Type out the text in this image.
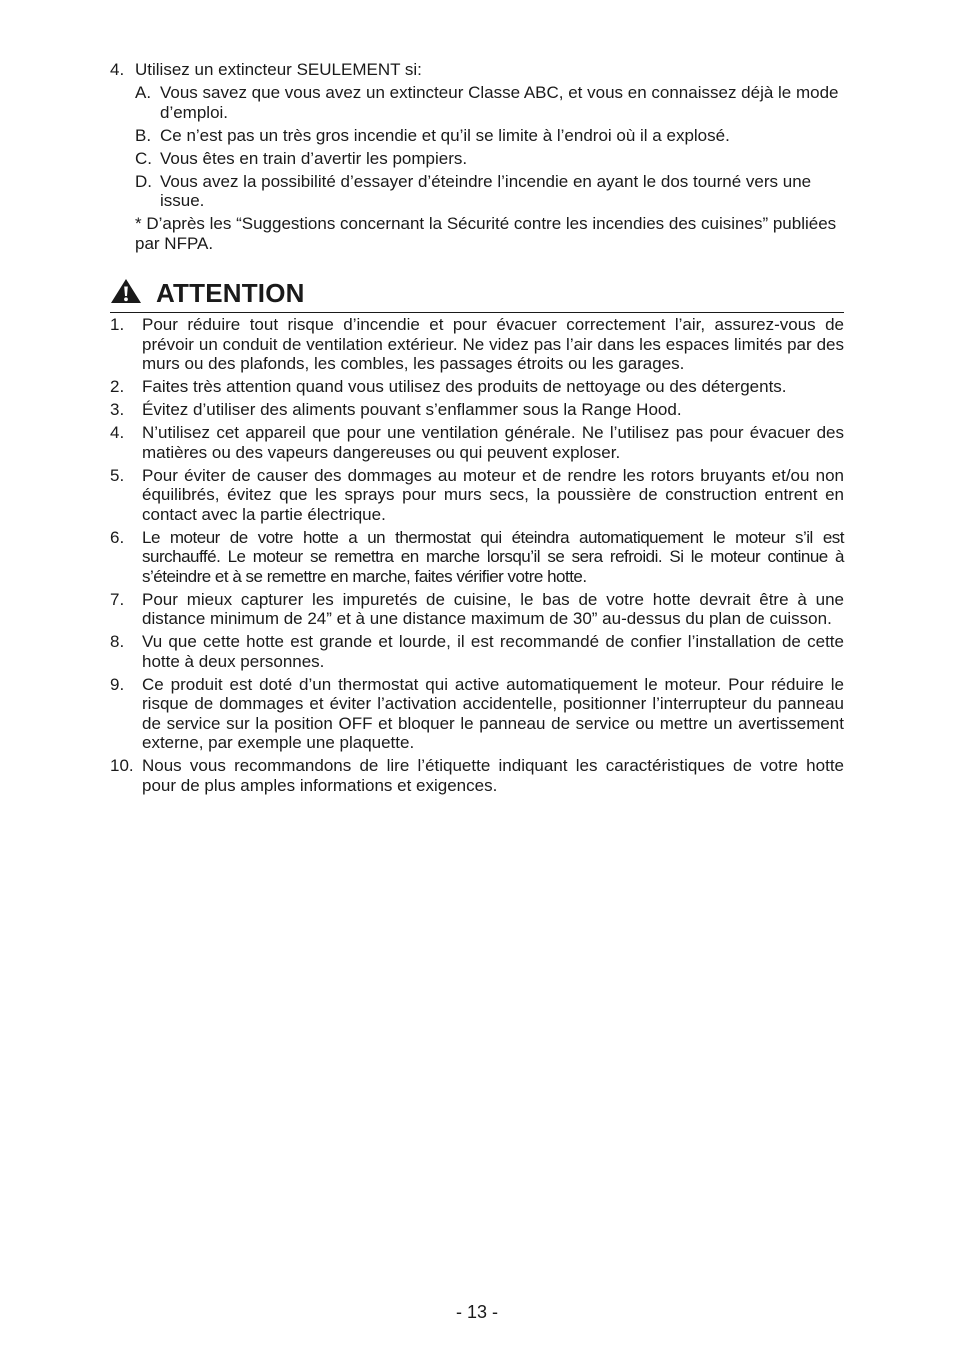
4. Utilisez un extincteur SEULEMENT si:
A. Vous savez que vous avez un extincteur Classe ABC, et vous en connaissez déjà le mode d’emploi.
B. Ce n’est pas un très gros incendie et qu’il se limite à l’endroi où il a explosé.
C. Vous êtes en train d’avertir les pompiers.
D. Vous avez la possibilité d’essayer d’éteindre l’incendie en ayant le dos tourné vers une issue.
* D’après les “Suggestions concernant la Sécurité contre les incendies des cuisines” publiées par NFPA.
ATTENTION
1.	Pour réduire tout risque d’incendie et pour évacuer correctement l’air, assurez-vous de prévoir un conduit de ventilation extérieur. Ne videz pas l’air dans les espaces limités par des murs ou des plafonds, les combles, les passages étroits ou les garages.
2.	Faites très attention quand vous utilisez des produits de nettoyage ou des détergents.
3.	Évitez d’utiliser des aliments pouvant s’enflammer sous la Range Hood.
4.	N’utilisez cet appareil que pour une ventilation générale. Ne l’utilisez pas pour évacuer des matières ou des vapeurs dangereuses ou qui peuvent exploser.
5.	Pour éviter de causer des dommages au moteur et de rendre les rotors bruyants et/ou non équilibrés, évitez que les sprays pour murs secs, la poussière de construction entrent en contact avec la partie électrique.
6.	Le moteur de votre hotte a un thermostat qui éteindra automatiquement le moteur s’il est surchauffé. Le moteur se remettra en marche lorsqu’il se sera refroidi. Si le moteur continue à s’éteindre et à se remettre en marche, faites vérifier votre hotte.
7.	Pour mieux capturer les impuretés de cuisine, le bas de votre hotte devrait être à une distance minimum de 24” et à une distance maximum de 30” au-dessus du plan de cuisson.
8.	Vu que cette hotte est grande et lourde, il est recommandé de confier l’installation de cette hotte à deux personnes.
9.	Ce produit est doté d’un thermostat qui active automatiquement le moteur. Pour réduire le risque de dommages et éviter l’activation accidentelle, positionner l’interrupteur du panneau de service sur la position OFF et bloquer le panneau de service ou mettre un avertissement externe, par exemple une plaquette.
10. Nous vous recommandons de lire l’étiquette indiquant les caractéristiques de votre hotte pour de plus amples informations et exigences.
- 13 -
